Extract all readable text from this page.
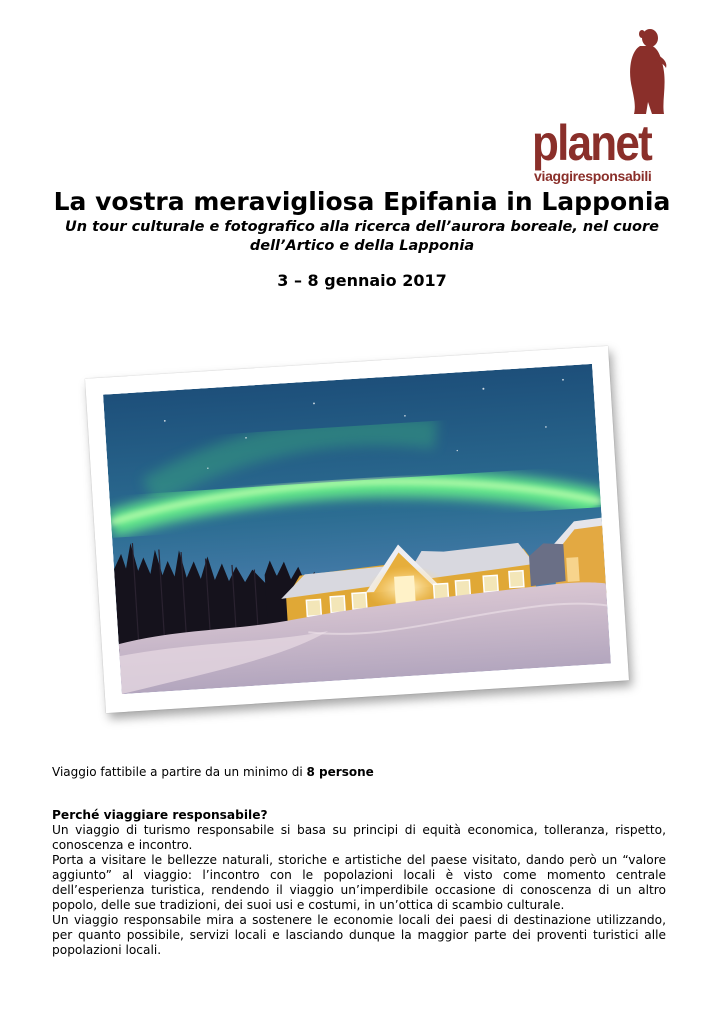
planet
viaggiresponsabili
La vostra meravigliosa Epifania in Lapponia
Un tour culturale e fotografico alla ricerca dell’aurora boreale, nel cuore dell’Artico e della Lapponia
3 – 8 gennaio 2017
Viaggio fattibile a partire da un minimo di 8 persone
Perché viaggiare responsabile?

Un viaggio di turismo responsabile si basa su principi di equità economica, tolleranza, rispetto, conoscenza e incontro.

Porta a visitare le bellezze naturali, storiche e artistiche del paese visitato, dando però un “valore aggiunto” al viaggio: l’incontro con le popolazioni locali è visto come momento centrale dell’esperienza turistica, rendendo il viaggio un’imperdibile occasione di conoscenza di un altro popolo, delle sue tradizioni, dei suoi usi e costumi, in un’ottica di scambio culturale.

Un viaggio responsabile mira a sostenere le economie locali dei paesi di destinazione utilizzando, per quanto possibile, servizi locali e lasciando dunque la maggior parte dei proventi turistici alle popolazioni locali.
